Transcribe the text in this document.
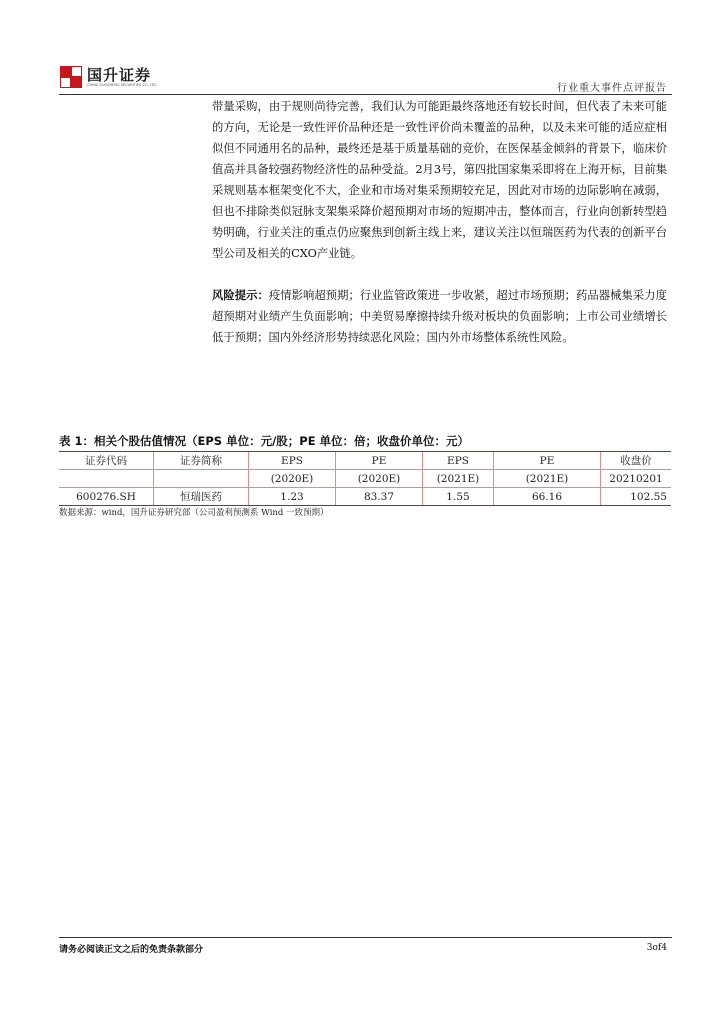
国升证券
CHINA GUOSHENG SECURITIES CO.,LTD.	行业重大事件点评报告

带量采购，由于规则尚待完善，我们认为可能距最终落地还有较长时间，但代表了未来可能的方向，无论是一致性评价品种还是一致性评价尚未覆盖的品种，以及未来可能的适应症相似但不同通用名的品种，最终还是基于质量基础的竞价，在医保基金倾斜的背景下，临床价值高并具备较强药物经济性的品种受益。2月3号，第四批国家集采即将在上海开标，目前集采规则基本框架变化不大，企业和市场对集采预期较充足，因此对市场的边际影响在减弱，但也不排除类似冠脉支架集采降价超预期对市场的短期冲击，整体而言，行业向创新转型趋势明确，行业关注的重点仍应聚焦到创新主线上来，建议关注以恒瑞医药为代表的创新平台型公司及相关的CXO产业链。

风险提示：疫情影响超预期；行业监管政策进一步收紧，超过市场预期；药品器械集采力度超预期对业绩产生负面影响；中美贸易摩擦持续升级对板块的负面影响；上市公司业绩增长低于预期；国内外经济形势持续恶化风险；国内外市场整体系统性风险。

表 1：相关个股估值情况（EPS 单位：元/股；PE 单位：倍；收盘价单位：元）
证券代码	证券简称	EPS	PE	EPS	PE	收盘价
		(2020E)	(2020E)	(2021E)	(2021E)	20210201
600276.SH	恒瑞医药	1.23	83.37	1.55	66.16	102.55
数据来源：wind，国升证券研究部（公司盈利预测系 Wind 一致预期）
请务必阅读正文之后的免责条款部分	3of4
